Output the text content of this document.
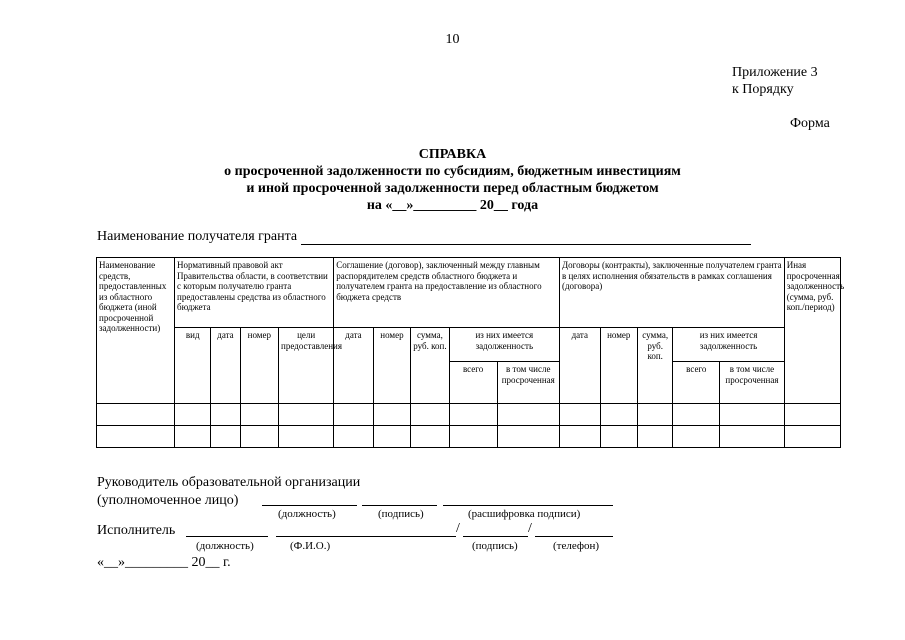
10
Приложение 3
к Порядку
Форма
СПРАВКА
о просроченной задолженности по субсидиям, бюджетным инвестициям
и иной просроченной задолженности перед областным бюджетом
на «__»_________ 20__ года
Наименование получателя гранта
Наименование средств, предоставленных из областного бюджета (иной просроченной задолженности)	Нормативный правовой акт Правительства области, в соответствии с которым получателю гранта предоставлены средства из областного бюджета				Соглашение (договор), заключенный между главным распорядителем средств областного бюджета и получателем гранта на предоставление из областного бюджета средств					Договоры (контракты), заключенные получателем гранта в целях исполнения обязательств в рамках соглашения (договора)					Иная просроченная задолженность (сумма, руб. коп./период)
	вид	дата	номер	цели предоставления	дата	номер	сумма, руб. коп.	из них имеется задолженность		дата	номер	сумма, руб. коп.	из них имеется задолженность		
								всего	в том числе просроченная				всего	в том числе просроченная	

Руководитель образовательной организации
(уполномоченное лицо)
(должность)	(подпись)	(расшифровка подписи)
Исполнитель	/	/
(должность)	(Ф.И.О.)	(подпись)	(телефон)
«__»_________ 20__ г.
